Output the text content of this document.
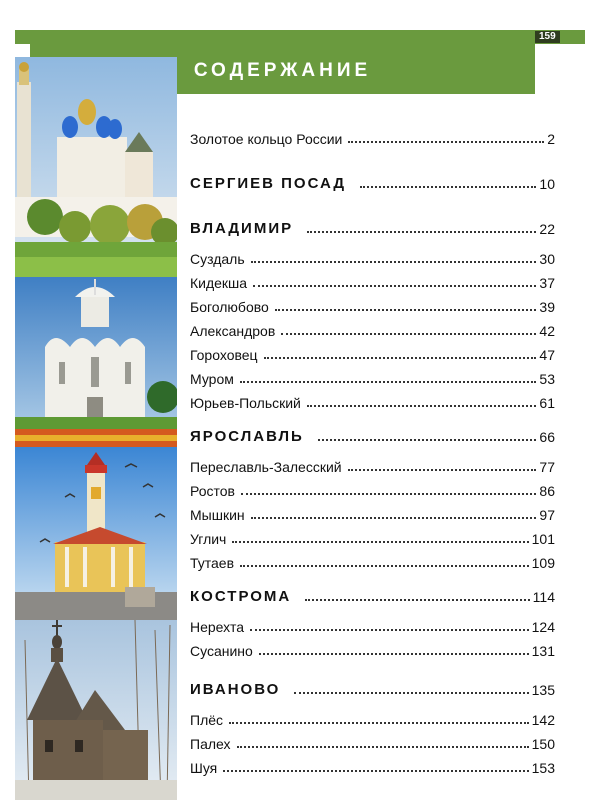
СОДЕРЖАНИЕ
159
Золотое кольцо России	2
СЕРГИЕВ ПОСАД	10
ВЛАДИМИР	22
Суздаль	30
Кидекша	37
Боголюбово	39
Александров	42
Гороховец	47
Муром	53
Юрьев-Польский	61
ЯРОСЛАВЛЬ	66
Переславль-Залесский	77
Ростов	86
Мышкин	97
Углич	101
Тутаев	109
КОСТРОМА	114
Нерехта	124
Сусанино	131
ИВАНОВО	135
Плёс	142
Палех	150
Шуя	153
